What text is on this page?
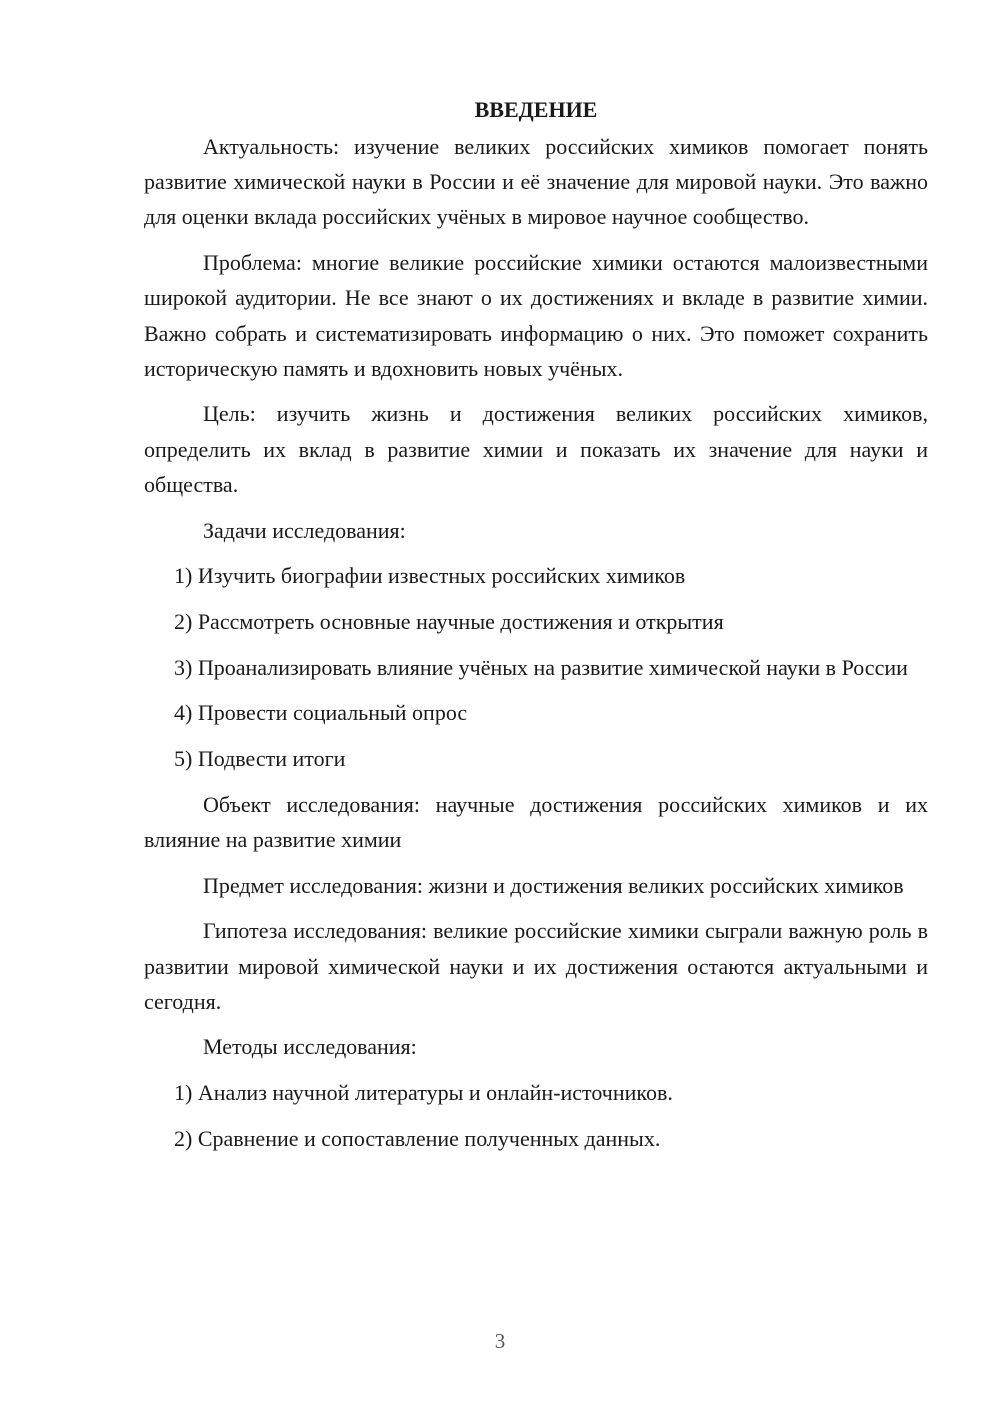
ВВЕДЕНИЕ

Актуальность: изучение великих российских химиков помогает понять развитие химической науки в России и её значение для мировой науки. Это важно для оценки вклада российских учёных в мировое научное сообщество.

Проблема: многие великие российские химики остаются малоизвестными широкой аудитории. Не все знают о их достижениях и вкладе в развитие химии. Важно собрать и систематизировать информацию о них. Это поможет сохранить историческую память и вдохновить новых учёных.

Цель: изучить жизнь и достижения великих российских химиков, определить их вклад в развитие химии и показать их значение для науки и общества.

Задачи исследования:

1) Изучить биографии известных российских химиков

2) Рассмотреть основные научные достижения и открытия

3) Проанализировать влияние учёных на развитие химической науки в России

4) Провести социальный опрос

5) Подвести итоги

Объект исследования: научные достижения российских химиков и их влияние на развитие химии

Предмет исследования: жизни и достижения великих российских химиков

Гипотеза исследования: великие российские химики сыграли важную роль в развитии мировой химической науки и их достижения остаются актуальными и сегодня.

Методы исследования:

1) Анализ научной литературы и онлайн-источников.

2) Сравнение и сопоставление полученных данных.

3
